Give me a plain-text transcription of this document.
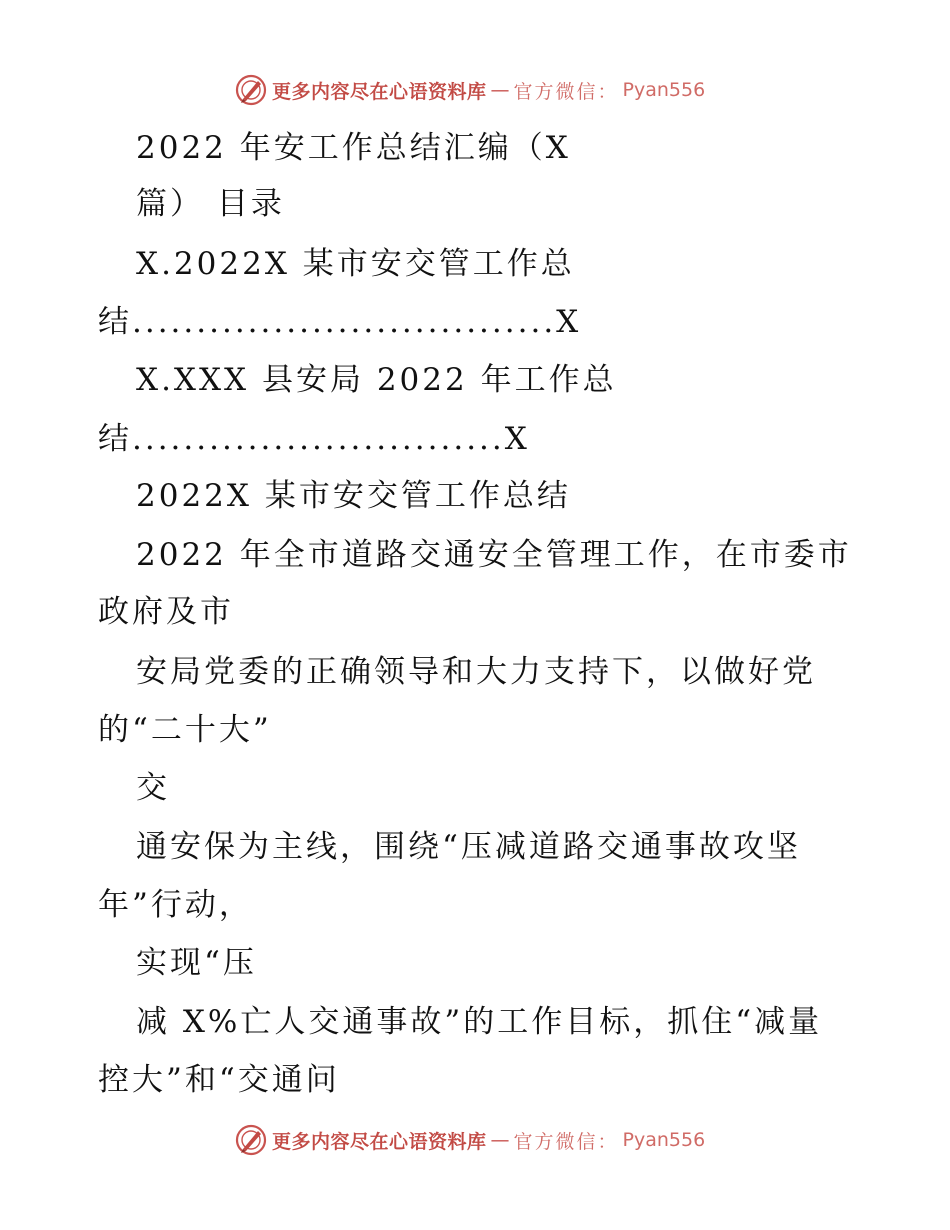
更多内容尽在心语资料库 — 官方微信： Pyan556
2022 年安工作总结汇编（X
篇） 目录
X.2022X 某市安交管工作总
结.................................X
X.XXX 县安局 2022 年工作总
结.............................X
2022X 某市安交管工作总结
2022 年全市道路交通安全管理工作，在市委市
政府及市
安局党委的正确领导和大力支持下，以做好党
的“二十大”
交
通安保为主线，围绕“压减道路交通事故攻坚
年”行动，
实现“压
减 X%亡人交通事故”的工作目标，抓住“减量
控大”和“交通问
更多内容尽在心语资料库 — 官方微信： Pyan556
